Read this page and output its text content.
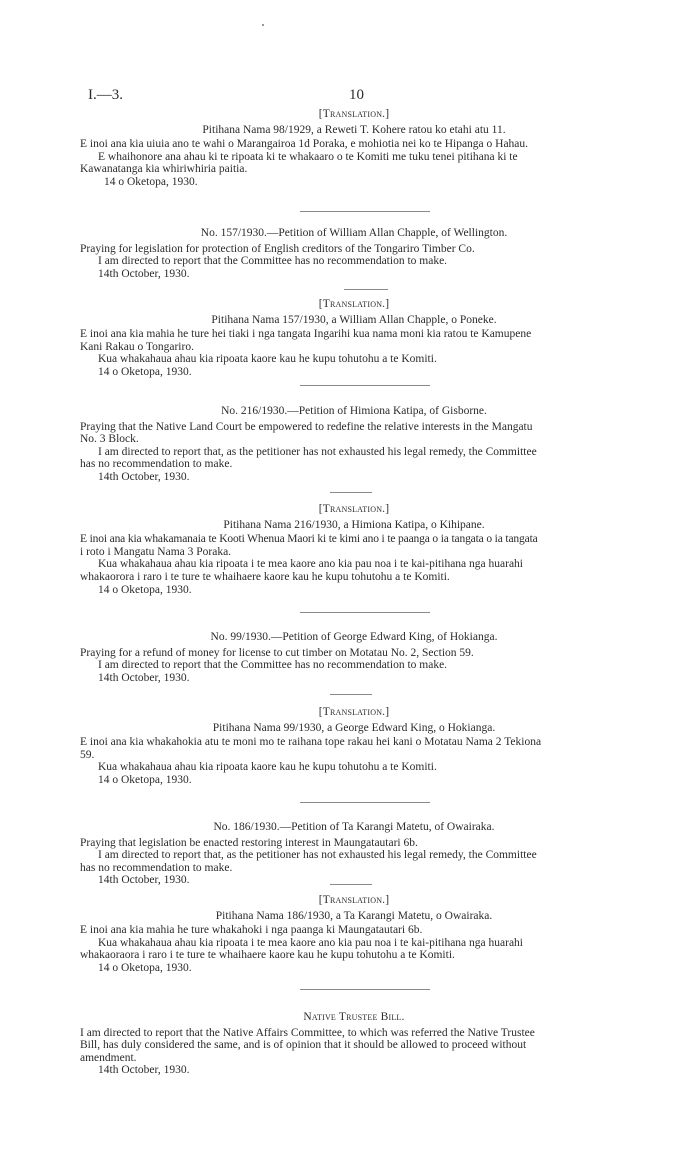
I.—3.	10
[Translation.]
Pitihana Nama 98/1929, a Reweti T. Kohere ratou ko etahi atu 11.
E inoi ana kia uiuia ano te wahi o Marangairoa 1d Poraka, e mohiotia nei ko te Hipanga o Hahau.
E whaihonore ana ahau ki te ripoata ki te whakaaro o te Komiti me tuku tenei pitihana ki te
Kawanatanga kia whiriwhiria paitia.
14 o Oketopa, 1930.
No. 157/1930.—Petition of William Allan Chapple, of Wellington.
Praying for legislation for protection of English creditors of the Tongariro Timber Co.
I am directed to report that the Committee has no recommendation to make.
14th October, 1930.
[Translation.]
Pitihana Nama 157/1930, a William Allan Chapple, o Poneke.
E inoi ana kia mahia he ture hei tiaki i nga tangata Ingarihi kua nama moni kia ratou te Kamupene
Kani Rakau o Tongariro.
Kua whakahaua ahau kia ripoata kaore kau he kupu tohutohu a te Komiti.
14 o Oketopa, 1930.
No. 216/1930.—Petition of Himiona Katipa, of Gisborne.
Praying that the Native Land Court be empowered to redefine the relative interests in the Mangatu
No. 3 Block.
I am directed to report that, as the petitioner has not exhausted his legal remedy, the Committee
has no recommendation to make.
14th October, 1930.
[Translation.]
Pitihana Nama 216/1930, a Himiona Katipa, o Kihipane.
E inoi ana kia whakamanaia te Kooti Whenua Maori ki te kimi ano i te paanga o ia tangata o ia tangata
i roto i Mangatu Nama 3 Poraka.
Kua whakahaua ahau kia ripoata i te mea kaore ano kia pau noa i te kai-pitihana nga huarahi
whakaorora i raro i te ture te whaihaere kaore kau he kupu tohutohu a te Komiti.
14 o Oketopa, 1930.
No. 99/1930.—Petition of George Edward King, of Hokianga.
Praying for a refund of money for license to cut timber on Motatau No. 2, Section 59.
I am directed to report that the Committee has no recommendation to make.
14th October, 1930.
[Translation.]
Pitihana Nama 99/1930, a George Edward King, o Hokianga.
E inoi ana kia whakahokia atu te moni mo te raihana tope rakau hei kani o Motatau Nama 2 Tekiona
59.
Kua whakahaua ahau kia ripoata kaore kau he kupu tohutohu a te Komiti.
14 o Oketopa, 1930.
No. 186/1930.—Petition of Ta Karangi Matetu, of Owairaka.
Praying that legislation be enacted restoring interest in Maungatautari 6b.
I am directed to report that, as the petitioner has not exhausted his legal remedy, the Committee
has no recommendation to make.
14th October, 1930.
[Translation.]
Pitihana Nama 186/1930, a Ta Karangi Matetu, o Owairaka.
E inoi ana kia mahia he ture whakahoki i nga paanga ki Maungatautari 6b.
Kua whakahaua ahau kia ripoata i te mea kaore ano kia pau noa i te kai-pitihana nga huarahi
whakaoraora i raro i te ture te whaihaere kaore kau he kupu tohutohu a te Komiti.
14 o Oketopa, 1930.
Native Trustee Bill.
I am directed to report that the Native Affairs Committee, to which was referred the Native Trustee
Bill, has duly considered the same, and is of opinion that it should be allowed to proceed without
amendment.
14th October, 1930.
